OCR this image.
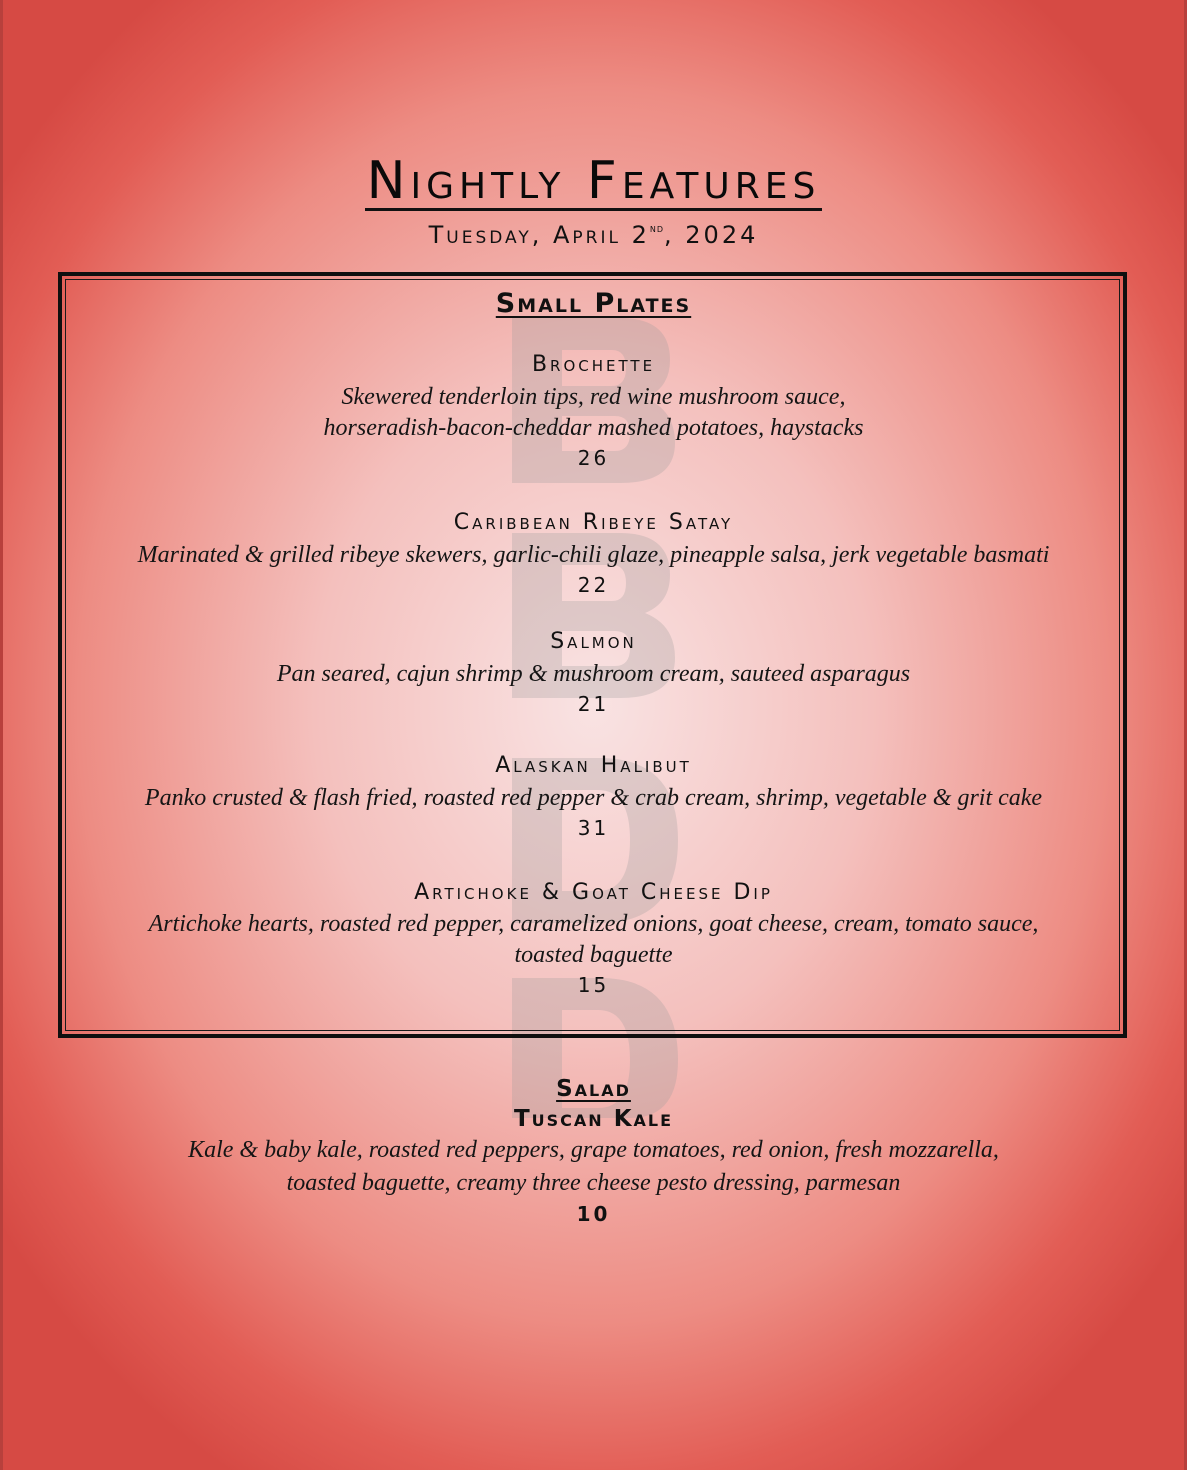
Nightly Features
Tuesday, April 2nd, 2024
Small Plates
Brochette
Skewered tenderloin tips, red wine mushroom sauce,
horseradish-bacon-cheddar mashed potatoes, haystacks
26
Caribbean Ribeye Satay
Marinated & grilled ribeye skewers, garlic-chili glaze, pineapple salsa, jerk vegetable basmati
22
Salmon
Pan seared, cajun shrimp & mushroom cream, sauteed asparagus
21
Alaskan Halibut
Panko crusted & flash fried, roasted red pepper & crab cream, shrimp, vegetable & grit cake
31
Artichoke & Goat Cheese Dip
Artichoke hearts, roasted red pepper, caramelized onions, goat cheese, cream, tomato sauce,
toasted baguette
15
Salad
Tuscan Kale
Kale & baby kale, roasted red peppers, grape tomatoes, red onion, fresh mozzarella,
toasted baguette, creamy three cheese pesto dressing, parmesan
10
